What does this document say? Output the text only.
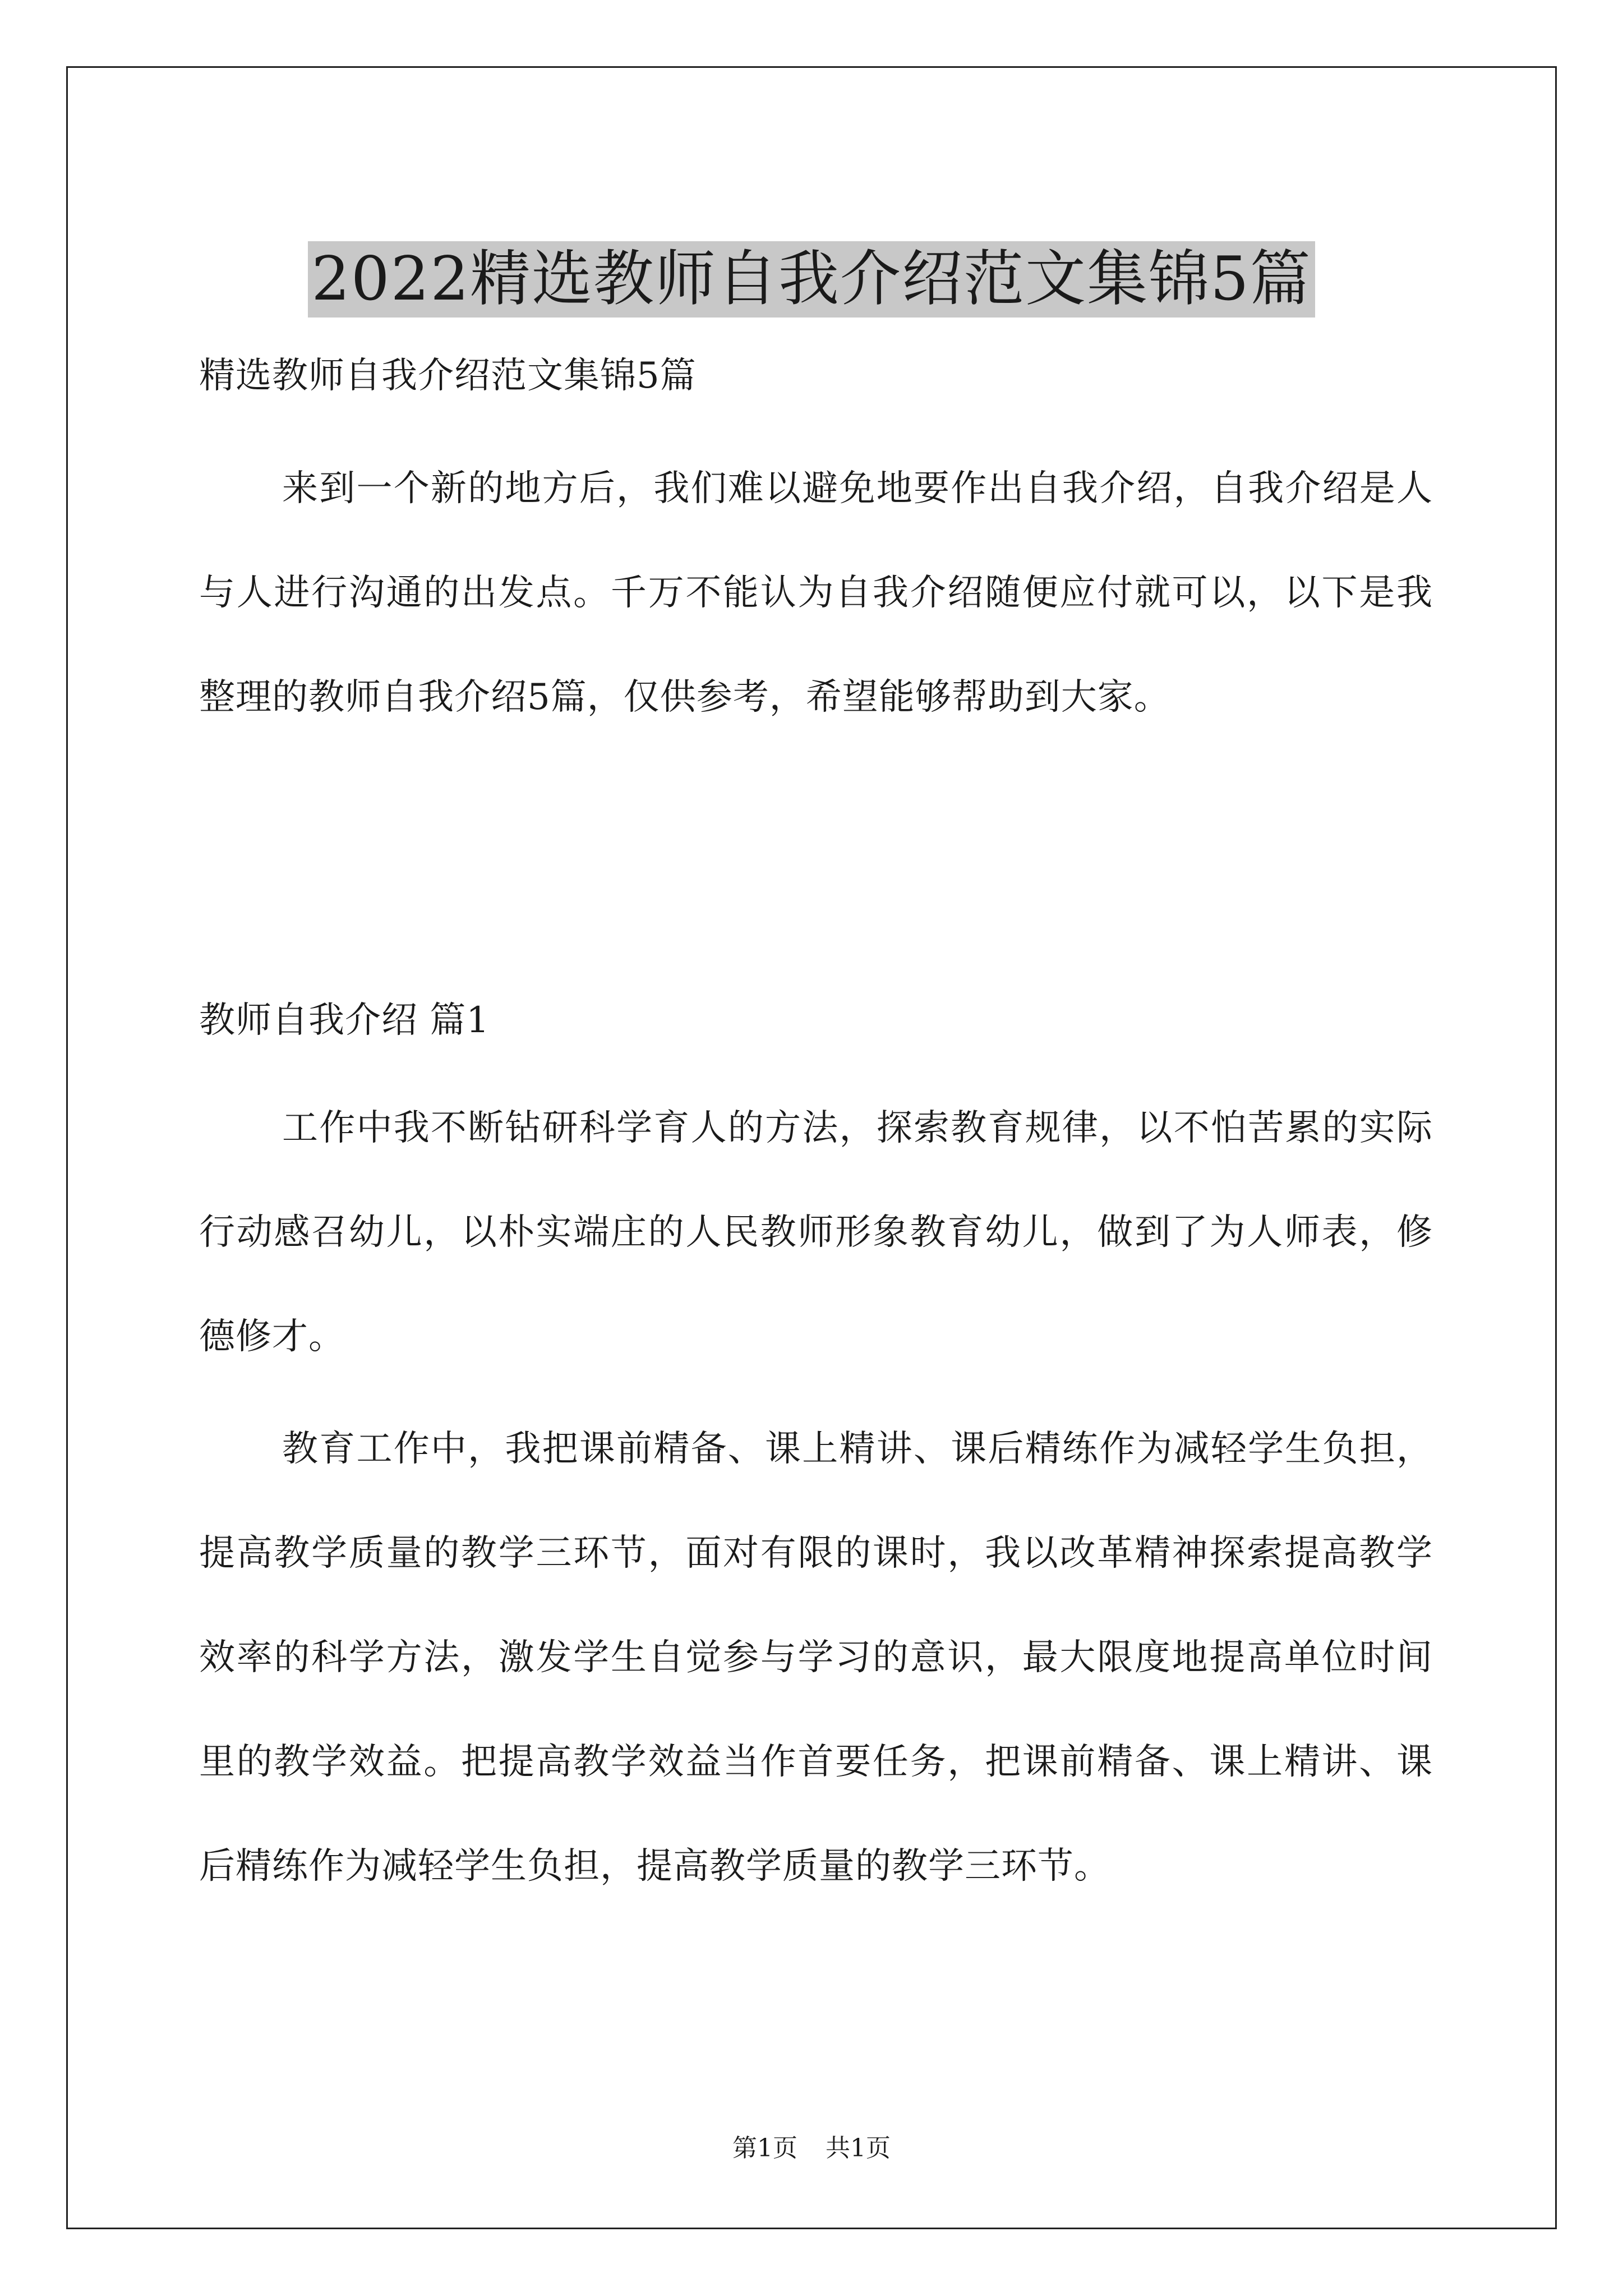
2022精选教师自我介绍范文集锦5篇

精选教师自我介绍范文集锦5篇

来到一个新的地方后，我们难以避免地要作出自我介绍，自我介绍是人与人进行沟通的出发点。千万不能认为自我介绍随便应付就可以，以下是我整理的教师自我介绍5篇，仅供参考，希望能够帮助到大家。

教师自我介绍 篇1

工作中我不断钻研科学育人的方法，探索教育规律，以不怕苦累的实际行动感召幼儿，以朴实端庄的人民教师形象教育幼儿，做到了为人师表，修德修才。

教育工作中，我把课前精备、课上精讲、课后精练作为减轻学生负担，提高教学质量的教学三环节，面对有限的课时，我以改革精神探索提高教学效率的科学方法，激发学生自觉参与学习的意识，最大限度地提高单位时间里的教学效益。把提高教学效益当作首要任务，把课前精备、课上精讲、课后精练作为减轻学生负担，提高教学质量的教学三环节。

第1页 共1页
